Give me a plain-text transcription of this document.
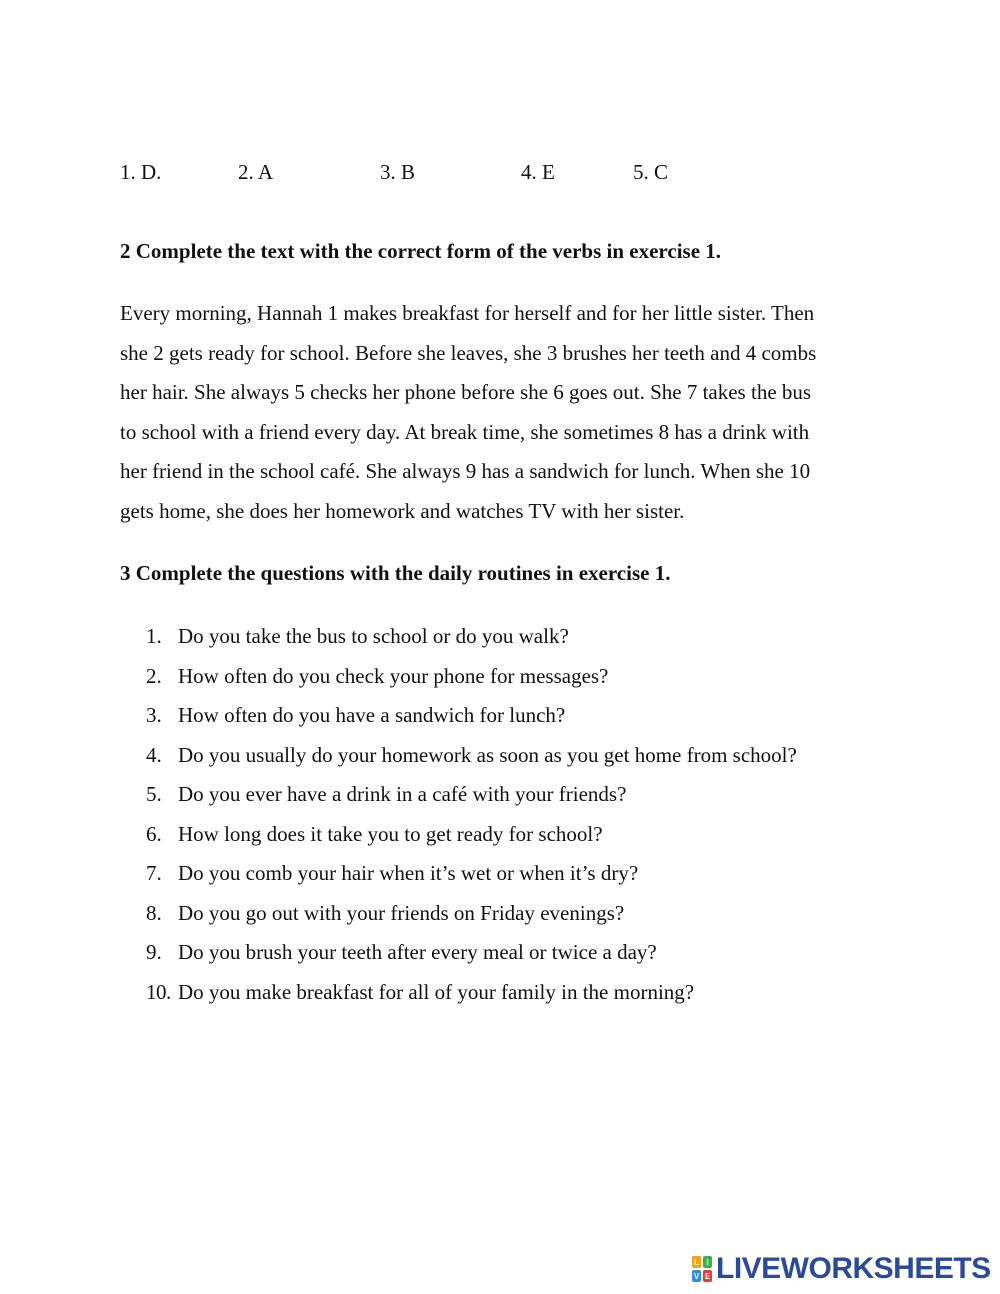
1. D.	2. A	3. B	4. E	5. C
2 Complete the text with the correct form of the verbs in exercise 1.
Every morning, Hannah 1 makes breakfast for herself and for her little sister. Then
she 2 gets ready for school. Before she leaves, she 3 brushes her teeth and 4 combs
her hair. She always 5 checks her phone before she 6 goes out. She 7 takes the bus
to school with a friend every day. At break time, she sometimes 8 has a drink with
her friend in the school café. She always 9 has a sandwich for lunch. When she 10
gets home, she does her homework and watches TV with her sister.
3 Complete the questions with the daily routines in exercise 1.
1. Do you take the bus to school or do you walk?
2. How often do you check your phone for messages?
3. How often do you have a sandwich for lunch?
4. Do you usually do your homework as soon as you get home from school?
5. Do you ever have a drink in a café with your friends?
6. How long does it take you to get ready for school?
7. Do you comb your hair when it’s wet or when it’s dry?
8. Do you go out with your friends on Friday evenings?
9. Do you brush your teeth after every meal or twice a day?
10. Do you make breakfast for all of your family in the morning?
L I
V E LIVEWORKSHEETS
